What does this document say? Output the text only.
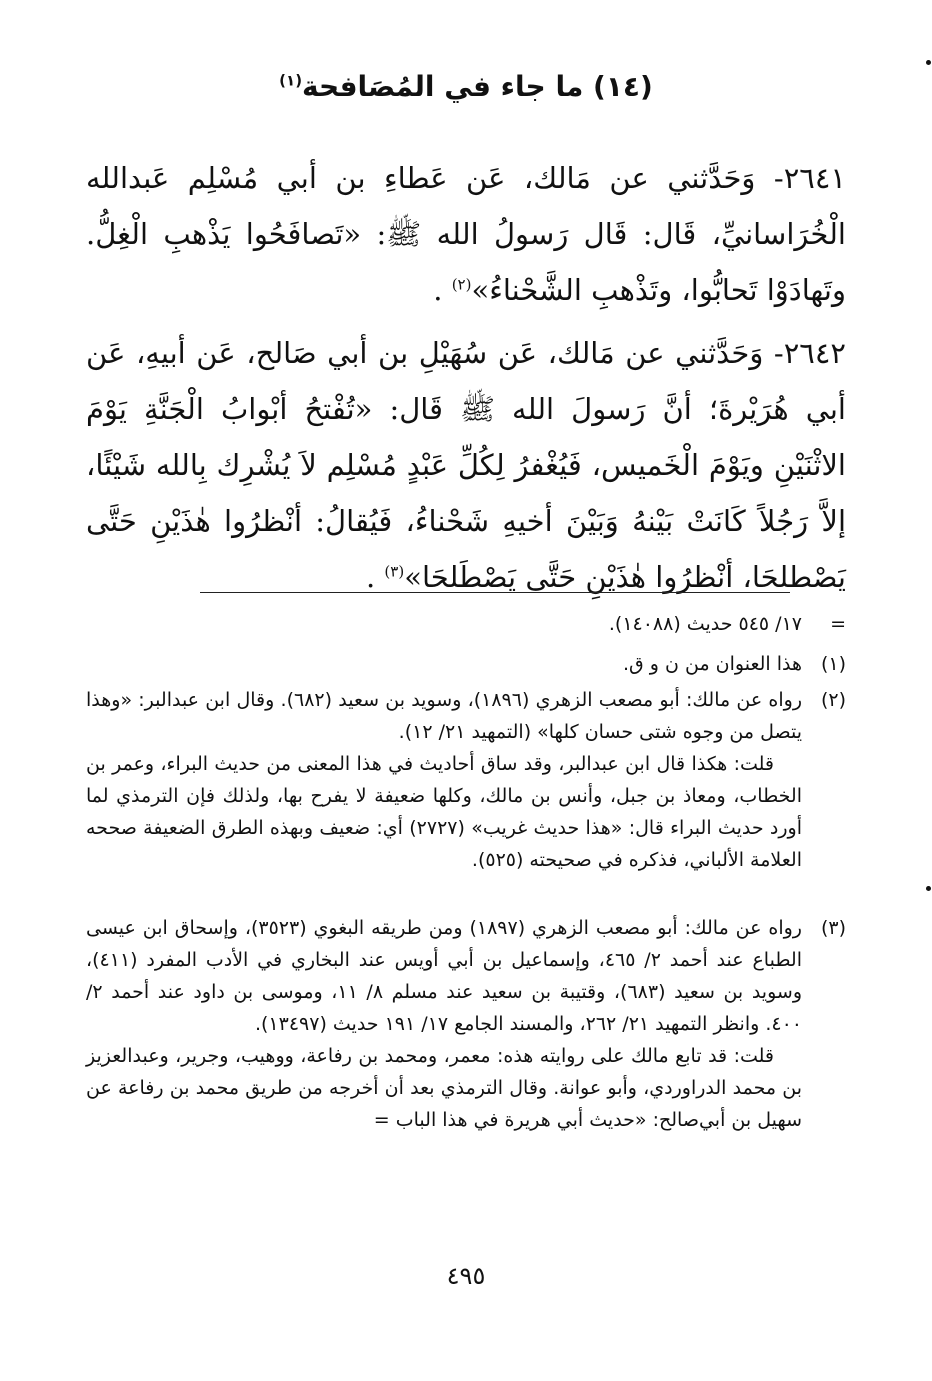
(١٤) ما جاء في المُصَافحة$^{(١)}$
٢٦٤١- وَحَدَّثني عن مَالك، عَن عَطاءِ بن أبي مُسْلِم عَبدالله الْخُرَاسانيِّ، قَال: قَال رَسولُ الله ﷺ: «تَصافَحُوا يَذْهبِ الْغِلُّ. وتَهادَوْا تَحابُّوا، وتَذْهبِ الشَّحْناءُ»$^{(٢)}$ .
٢٦٤٢- وَحَدَّثني عن مَالك، عَن سُهَيْلِ بن أبي صَالح، عَن أبيهِ، عَن أبي هُرَيْرةَ؛ أنَّ رَسولَ الله ﷺ قَال: «تُفْتحُ أبْوابُ الْجَنَّةِ يَوْمَ الاثْنَيْنِ ويَوْمَ الْخَميس، فَيُغْفرُ لِكُلِّ عَبْدٍ مُسْلِم لاَ يُشْرِك بِالله شَيْئًا، إلاَّ رَجُلاً كَانَتْ بَيْنهُ وَبَيْنَ أخيهِ شَحْناءُ، فَيُقالُ: أنْظرُوا هٰذَيْنِ حَتَّى يَصْطلحَا، أنْظرُوا هٰذَيْنِ حَتَّى يَصْطَلحَا»$^{(٣)}$ .
=
١٧/ ٥٤٥ حديث (١٤٠٨٨).
(١)
هذا العنوان من ن و ق.
(٢)
رواه عن مالك: أبو مصعب الزهري (١٨٩٦)، وسويد بن سعيد (٦٨٢). وقال ابن عبدالبر: «وهذا يتصل من وجوه شتى حسان كلها» (التمهيد ٢١/ ١٢).
قلت: هكذا قال ابن عبدالبر، وقد ساق أحاديث في هذا المعنى من حديث البراء، وعمر بن الخطاب، ومعاذ بن جبل، وأنس بن مالك، وكلها ضعيفة لا يفرح بها، ولذلك فإن الترمذي لما أورد حديث البراء قال: «هذا حديث غريب» (٢٧٢٧) أي: ضعيف وبهذه الطرق الضعيفة صححه العلامة الألباني، فذكره في صحيحته (٥٢٥).
(٣)
رواه عن مالك: أبو مصعب الزهري (١٨٩٧) ومن طريقه البغوي (٣٥٢٣)، وإسحاق ابن عيسى الطباع عند أحمد ٢/ ٤٦٥، وإسماعيل بن أبي أويس عند البخاري في الأدب المفرد (٤١١)، وسويد بن سعيد (٦٨٣)، وقتيبة بن سعيد عند مسلم ٨/ ١١، وموسى بن داود عند أحمد ٢/ ٤٠٠. وانظر التمهيد ٢١/ ٢٦٢، والمسند الجامع ١٧/ ١٩١ حديث (١٣٤٩٧).
قلت: قد تابع مالك على روايته هذه: معمر، ومحمد بن رفاعة، ووهيب، وجرير، وعبدالعزيز بن محمد الدراوردي، وأبو عوانة. وقال الترمذي بعد أن أخرجه من طريق محمد بن رفاعة عن سهيل بن أبي‌صالح: «حديث أبي هريرة في هذا الباب =
٤٩٥
